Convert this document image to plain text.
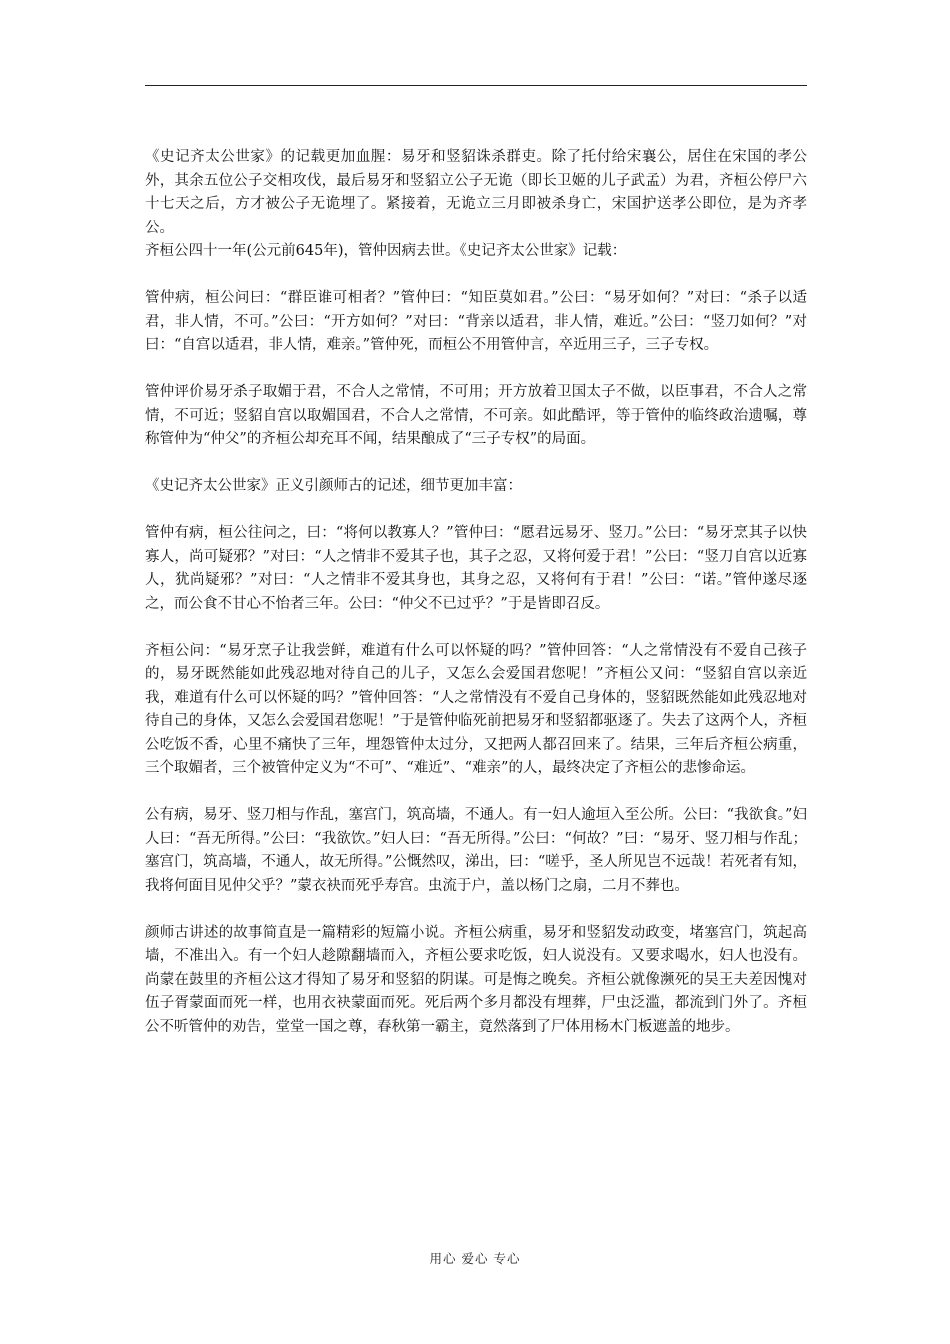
《史记齐太公世家》的记载更加血腥：易牙和竖貂诛杀群吏。除了托付给宋襄公，居住在宋国的孝公外，其余五位公子交相攻伐，最后易牙和竖貂立公子无诡（即长卫姬的儿子武孟）为君，齐桓公停尸六十七天之后，方才被公子无诡埋了。紧接着，无诡立三月即被杀身亡，宋国护送孝公即位，是为齐孝公。

齐桓公四十一年(公元前645年)，管仲因病去世。《史记齐太公世家》记载：

管仲病，桓公问曰：“群臣谁可相者？”管仲曰：“知臣莫如君。”公曰：“易牙如何？”对曰：“杀子以适君，非人情，不可。”公曰：“开方如何？”对曰：“背亲以适君，非人情，难近。”公曰：“竖刀如何？”对曰：“自宫以适君，非人情，难亲。”管仲死，而桓公不用管仲言，卒近用三子，三子专权。

管仲评价易牙杀子取媚于君，不合人之常情，不可用；开方放着卫国太子不做，以臣事君，不合人之常情，不可近；竖貂自宫以取媚国君，不合人之常情，不可亲。如此酷评，等于管仲的临终政治遗嘱，尊称管仲为“仲父”的齐桓公却充耳不闻，结果酿成了“三子专权”的局面。

《史记齐太公世家》正义引颜师古的记述，细节更加丰富：

管仲有病，桓公往问之，曰：“将何以教寡人？”管仲曰：“愿君远易牙、竖刀。”公曰：“易牙烹其子以快寡人，尚可疑邪？”对曰：“人之情非不爱其子也，其子之忍，又将何爱于君！”公曰：“竖刀自宫以近寡人，犹尚疑邪？”对曰：“人之情非不爱其身也，其身之忍，又将何有于君！”公曰：“诺。”管仲遂尽逐之，而公食不甘心不怡者三年。公曰：“仲父不已过乎？”于是皆即召反。

齐桓公问：“易牙烹子让我尝鲜，难道有什么可以怀疑的吗？”管仲回答：“人之常情没有不爱自己孩子的，易牙既然能如此残忍地对待自己的儿子，又怎么会爱国君您呢！”齐桓公又问：“竖貂自宫以亲近我，难道有什么可以怀疑的吗？”管仲回答：“人之常情没有不爱自己身体的，竖貂既然能如此残忍地对待自己的身体，又怎么会爱国君您呢！”于是管仲临死前把易牙和竖貂都驱逐了。失去了这两个人，齐桓公吃饭不香，心里不痛快了三年，埋怨管仲太过分，又把两人都召回来了。结果，三年后齐桓公病重，三个取媚者，三个被管仲定义为“不可”、“难近”、“难亲”的人，最终决定了齐桓公的悲惨命运。

公有病，易牙、竖刀相与作乱，塞宫门，筑高墙，不通人。有一妇人逾垣入至公所。公曰：“我欲食。”妇人曰：“吾无所得。”公曰：“我欲饮。”妇人曰：“吾无所得。”公曰：“何故？”曰：“易牙、竖刀相与作乱；塞宫门，筑高墙，不通人，故无所得。”公慨然叹，涕出，曰：“嗟乎，圣人所见岂不远哉！若死者有知，我将何面目见仲父乎？”蒙衣袂而死乎寿宫。虫流于户，盖以杨门之扇，二月不葬也。

颜师古讲述的故事简直是一篇精彩的短篇小说。齐桓公病重，易牙和竖貂发动政变，堵塞宫门，筑起高墙，不准出入。有一个妇人趁隙翻墙而入，齐桓公要求吃饭，妇人说没有。又要求喝水，妇人也没有。尚蒙在鼓里的齐桓公这才得知了易牙和竖貂的阴谋。可是悔之晚矣。齐桓公就像濒死的吴王夫差因愧对伍子胥蒙面而死一样，也用衣袂蒙面而死。死后两个多月都没有埋葬，尸虫泛滥，都流到门外了。齐桓公不听管仲的劝告，堂堂一国之尊，春秋第一霸主，竟然落到了尸体用杨木门板遮盖的地步。

用心 爱心 专心
